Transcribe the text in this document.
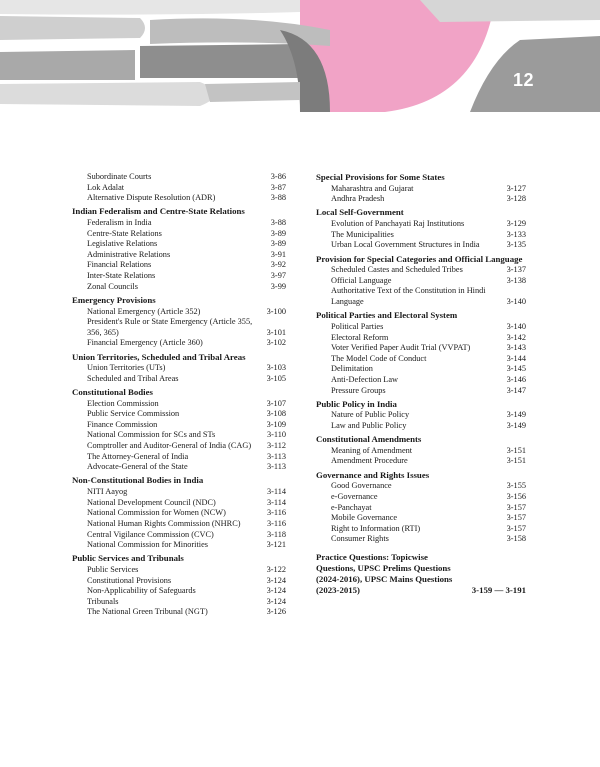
12
Subordinate Courts	3-86
Lok Adalat	3-87
Alternative Dispute Resolution (ADR)	3-88
Indian Federalism and Centre-State Relations
Federalism in India	3-88
Centre-State Relations	3-89
Legislative Relations	3-89
Administrative Relations	3-91
Financial Relations	3-92
Inter-State Relations	3-97
Zonal Councils	3-99
Emergency Provisions
National Emergency (Article 352)	3-100
President's Rule or State Emergency (Article 355, 356, 365)	3-101
Financial Emergency (Article 360)	3-102
Union Territories, Scheduled and Tribal Areas
Union Territories (UTs)	3-103
Scheduled and Tribal Areas	3-105
Constitutional Bodies
Election Commission	3-107
Public Service Commission	3-108
Finance Commission	3-109
National Commission for SCs and STs	3-110
Comptroller and Auditor-General of India (CAG)	3-112
The Attorney-General of India	3-113
Advocate-General of the State	3-113
Non-Constitutional Bodies in India
NITI Aayog	3-114
National Development Council (NDC)	3-114
National Commission for Women (NCW)	3-116
National Human Rights Commission (NHRC)	3-116
Central Vigilance Commission (CVC)	3-118
National Commission for Minorities	3-121
Public Services and Tribunals
Public Services	3-122
Constitutional Provisions	3-124
Non-Applicability of Safeguards	3-124
Tribunals	3-124
The National Green Tribunal (NGT)	3-126
Special Provisions for Some States
Maharashtra and Gujarat	3-127
Andhra Pradesh	3-128
Local Self-Government
Evolution of Panchayati Raj Institutions	3-129
The Municipalities	3-133
Urban Local Government Structures in India	3-135
Provision for Special Categories and Official Language
Scheduled Castes and Scheduled Tribes	3-137
Official Language	3-138
Authoritative Text of the Constitution in Hindi Language	3-140
Political Parties and Electoral System
Political Parties	3-140
Electoral Reform	3-142
Voter Verified Paper Audit Trial (VVPAT)	3-143
The Model Code of Conduct	3-144
Delimitation	3-145
Anti-Defection Law	3-146
Pressure Groups	3-147
Public Policy in India
Nature of Public Policy	3-149
Law and Public Policy	3-149
Constitutional Amendments
Meaning of Amendment	3-151
Amendment Procedure	3-151
Governance and Rights Issues
Good Governance	3-155
e-Governance	3-156
e-Panchayat	3-157
Mobile Governance	3-157
Right to Information (RTI)	3-157
Consumer Rights	3-158
Practice Questions: Topicwise Questions, UPSC Prelims Questions (2024-2016), UPSC Mains Questions (2023-2015)	3-159 — 3-191
